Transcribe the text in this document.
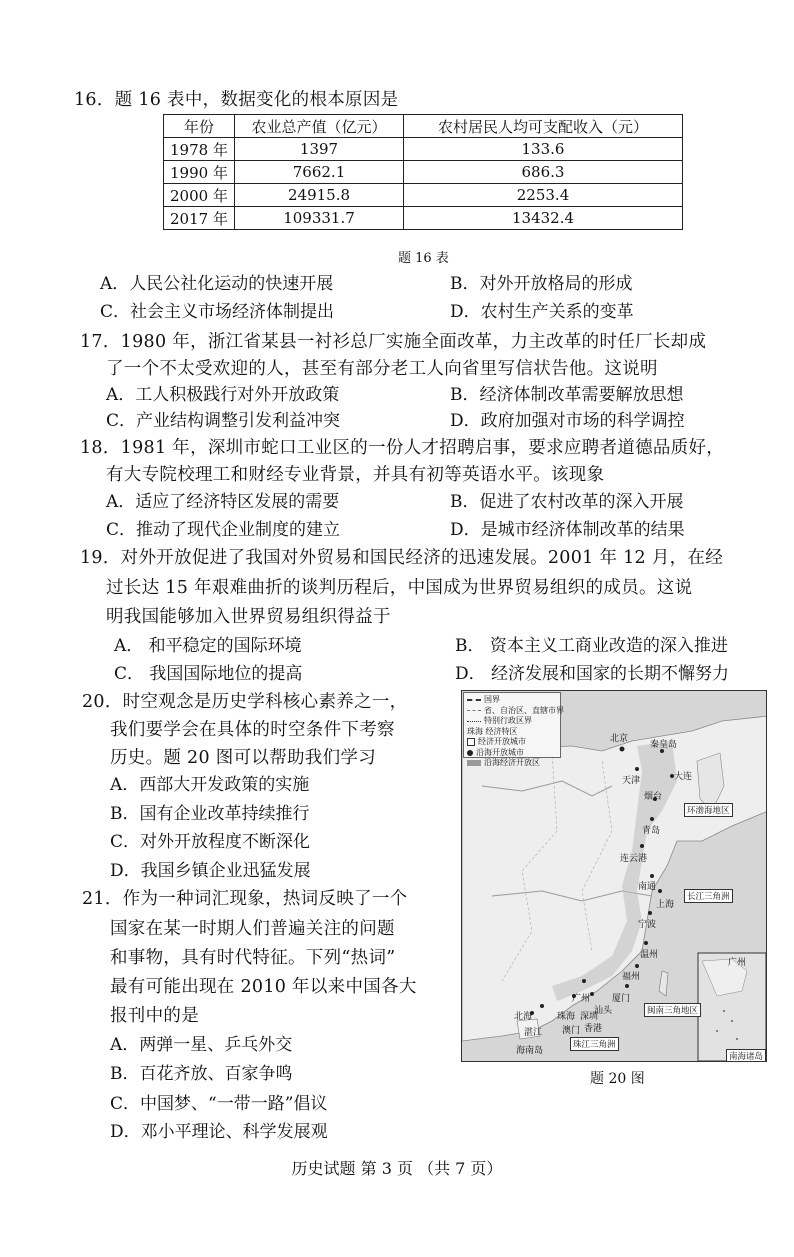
16．题 16 表中，数据变化的根本原因是
年份	农业总产值（亿元）	农村居民人均可支配收入（元）
1978 年	1397	133.6
1990 年	7662.1	686.3
2000 年	24915.8	2253.4
2017 年	109331.7	13432.4
题 16 表
A．人民公社化运动的快速开展	B．对外开放格局的形成
C．社会主义市场经济体制提出	D．农村生产关系的变革
17．1980 年，浙江省某县一衬衫总厂实施全面改革，力主改革的时任厂长却成
了一个不太受欢迎的人，甚至有部分老工人向省里写信状告他。这说明
A．工人积极践行对外开放政策	B．经济体制改革需要解放思想
C．产业结构调整引发利益冲突	D．政府加强对市场的科学调控
18．1981 年，深圳市蛇口工业区的一份人才招聘启事，要求应聘者道德品质好，
有大专院校理工和财经专业背景，并具有初等英语水平。该现象
A．适应了经济特区发展的需要	B．促进了农村改革的深入开展
C．推动了现代企业制度的建立	D．是城市经济体制改革的结果
19．对外开放促进了我国对外贸易和国民经济的迅速发展。2001 年 12 月，在经
过长达 15 年艰难曲折的谈判历程后，中国成为世界贸易组织的成员。这说
明我国能够加入世界贸易组织得益于
A． 和平稳定的国际环境	B． 资本主义工商业改造的深入推进
C． 我国国际地位的提高	D． 经济发展和国家的长期不懈努力
20．时空观念是历史学科核心素养之一，
我们要学会在具体的时空条件下考察
历史。题 20 图可以帮助我们学习
A．西部大开发政策的实施
B．国有企业改革持续推行
C．对外开放程度不断深化
D．我国乡镇企业迅猛发展
21．作为一种词汇现象，热词反映了一个
国家在某一时期人们普遍关注的问题
和事物，具有时代特征。下列“热词”
最有可能出现在 2010 年以来中国各大
报刊中的是
A．两弹一星、乒乓外交
B．百花齐放、百家争鸣
C．中国梦、“一带一路”倡议
D．邓小平理论、科学发展观
国界
省、自治区、直辖市界
特别行政区界
珠海 经济特区
经济开放城市
沿海开放城市
沿海经济开放区
北京
秦皇岛
天津	大连
烟台
青岛
连云港
南通
上海
宁波
温州
福州
厦门
汕头
广州
深圳
珠海
香港
澳门
北海
湛江
海南岛
广州
环渤海地区
长江三角洲
闽南三角地区
珠江三角洲
南海诸岛
题 20 图
历史试题 第 3 页 （共 7 页）
